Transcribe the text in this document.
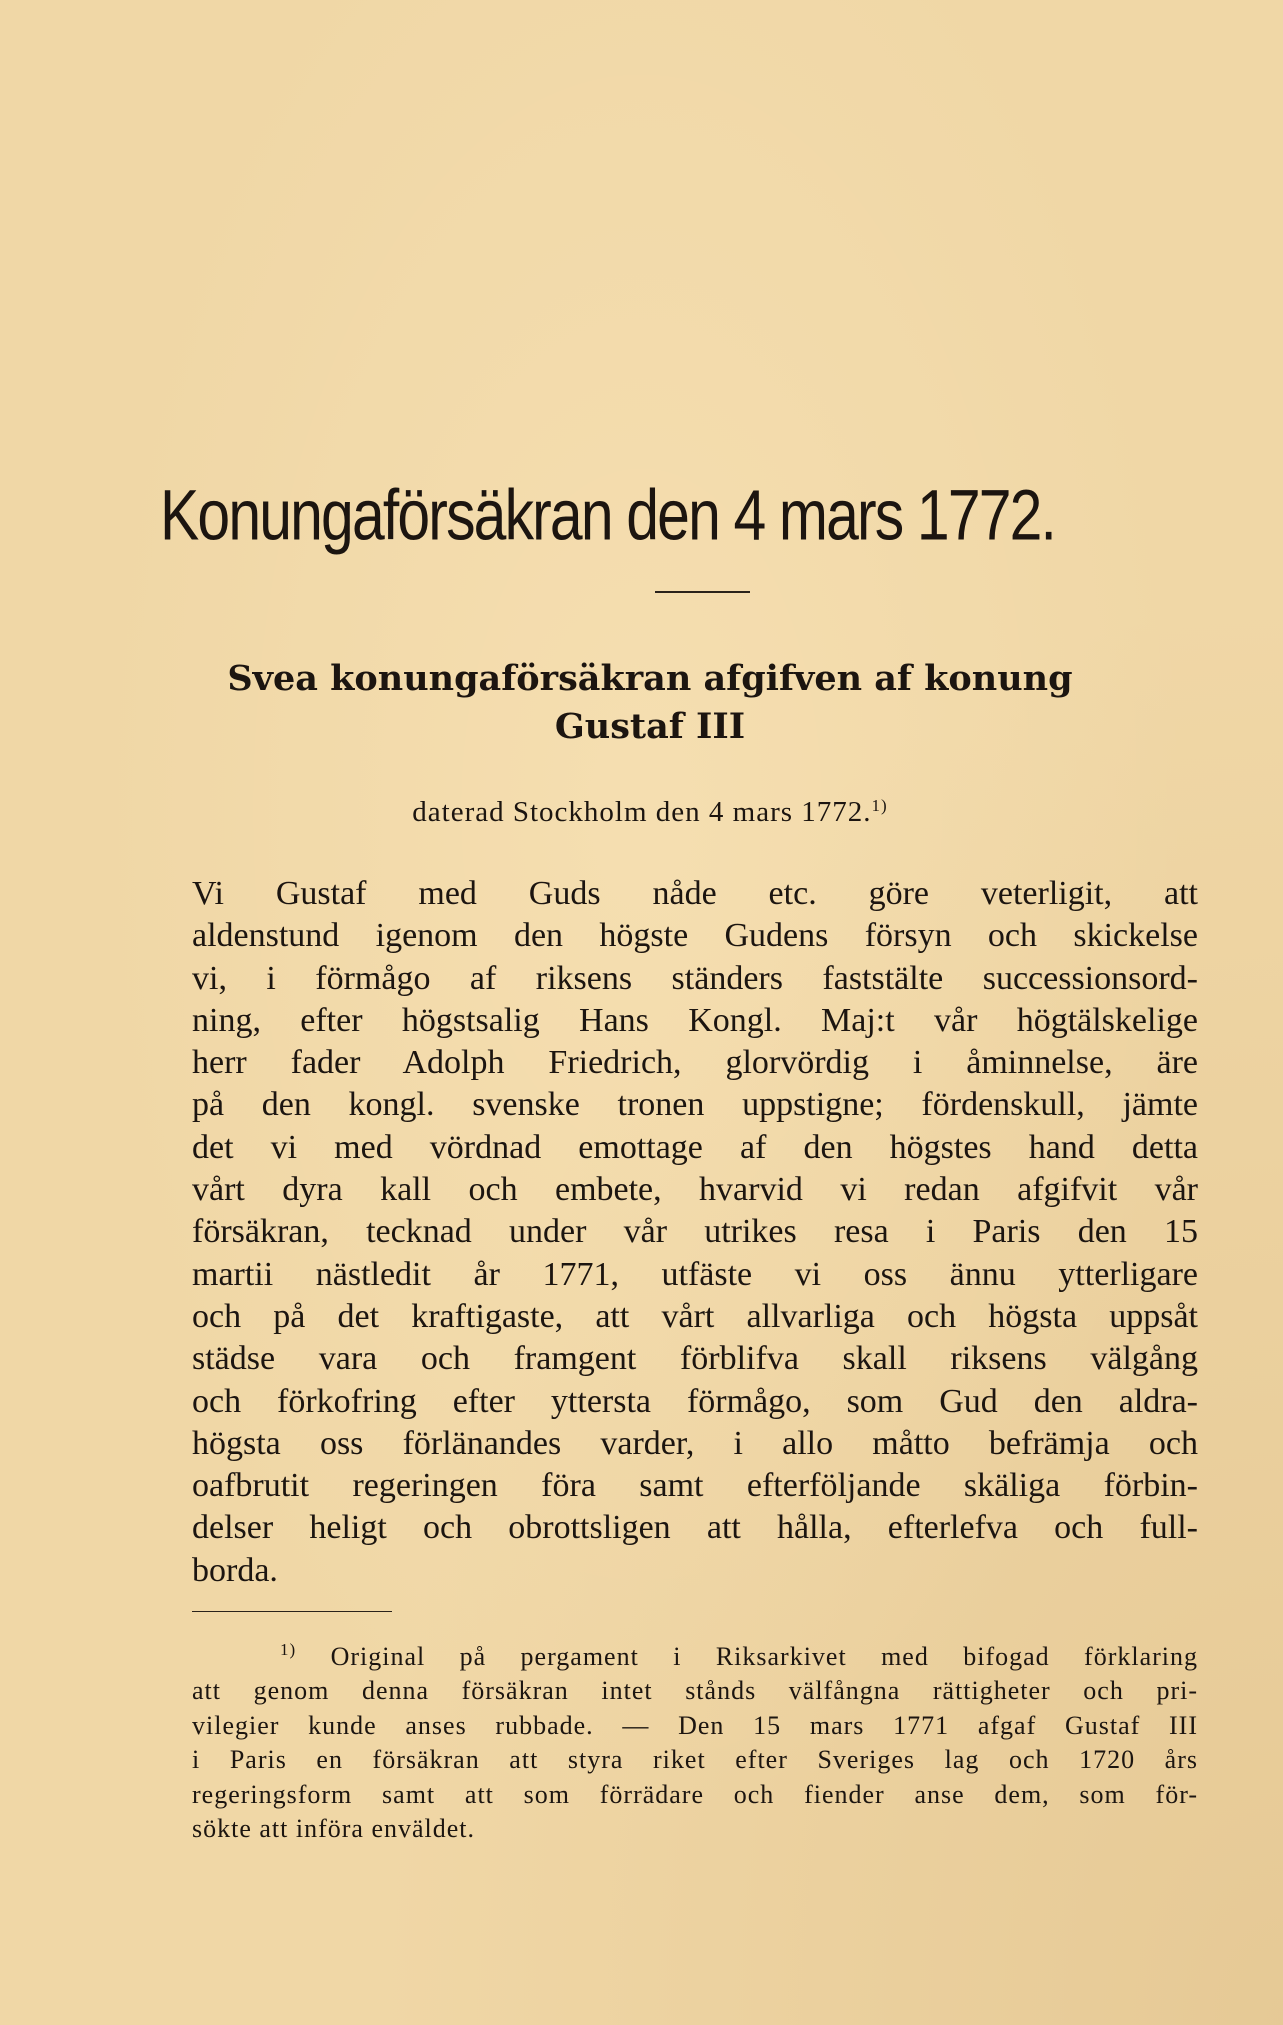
Konungaförsäkran den 4 mars 1772.
Svea konungaförsäkran afgifven af konung
Gustaf III
daterad Stockholm den 4 mars 1772.$^{1)}$
Vi Gustaf med Guds nåde etc. göre veterligit, att
aldenstund igenom den högste Gudens försyn och skickelse
vi, i förmågo af riksens ständers faststälte successionsord-
ning, efter högstsalig Hans Kongl. Maj:t vår högtälskelige
herr fader Adolph Friedrich, glorvördig i åminnelse, äre
på den kongl. svenske tronen uppstigne; fördenskull, jämte
det vi med vördnad emottage af den högstes hand detta
vårt dyra kall och embete, hvarvid vi redan afgifvit vår
försäkran, tecknad under vår utrikes resa i Paris den 15
martii nästledit år 1771, utfäste vi oss ännu ytterligare
och på det kraftigaste, att vårt allvarliga och högsta uppsåt
städse vara och framgent förblifva skall riksens välgång
och förkofring efter yttersta förmågo, som Gud den aldra-
högsta oss förlänandes varder, i allo måtto befrämja och
oafbrutit regeringen föra samt efterföljande skäliga förbin-
delser heligt och obrottsligen att hålla, efterlefva och full-
borda.
$^{1)}$ Original på pergament i Riksarkivet med bifogad förklaring
att genom denna försäkran intet stånds välfångna rättigheter och pri-
vilegier kunde anses rubbade. — Den 15 mars 1771 afgaf Gustaf III
i Paris en försäkran att styra riket efter Sveriges lag och 1720 års
regeringsform samt att som förrädare och fiender anse dem, som för-
sökte att införa enväldet.
